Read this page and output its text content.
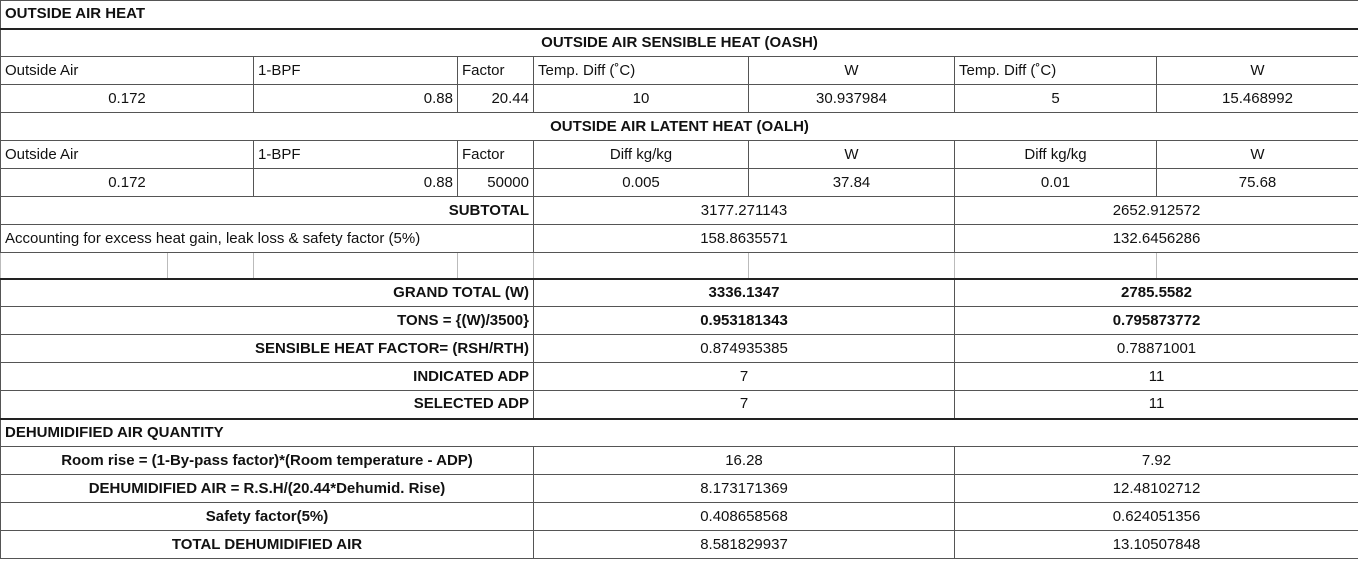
OUTSIDE AIR HEAT							
OUTSIDE AIR SENSIBLE HEAT (OASH)							
Outside Air		1-BPF	Factor	Temp. Diff (˚C)	W	Temp. Diff (˚C)	W
0.172		0.88	20.44	10	30.937984	5	15.468992
OUTSIDE AIR LATENT HEAT (OALH)							
Outside Air		1-BPF	Factor	Diff kg/kg	W	Diff kg/kg	W
0.172		0.88	50000	0.005	37.84	0.01	75.68
SUBTOTAL				3177.271143		2652.912572	
Accounting for excess heat gain, leak loss & safety factor (5%)				158.8635571		132.6456286	

GRAND TOTAL (W)				3336.1347		2785.5582	
TONS = {(W)/3500}				0.953181343		0.795873772	
SENSIBLE HEAT FACTOR= (RSH/RTH)				0.874935385		0.78871001	
INDICATED ADP				7		11	
SELECTED ADP				7		11	
DEHUMIDIFIED AIR QUANTITY							
Room rise = (1-By-pass factor)*(Room temperature - ADP)				16.28		7.92	
DEHUMIDIFIED AIR = R.S.H/(20.44*Dehumid. Rise)				8.173171369		12.48102712	
Safety factor(5%)				0.408658568		0.624051356	
TOTAL DEHUMIDIFIED AIR				8.581829937		13.10507848	
